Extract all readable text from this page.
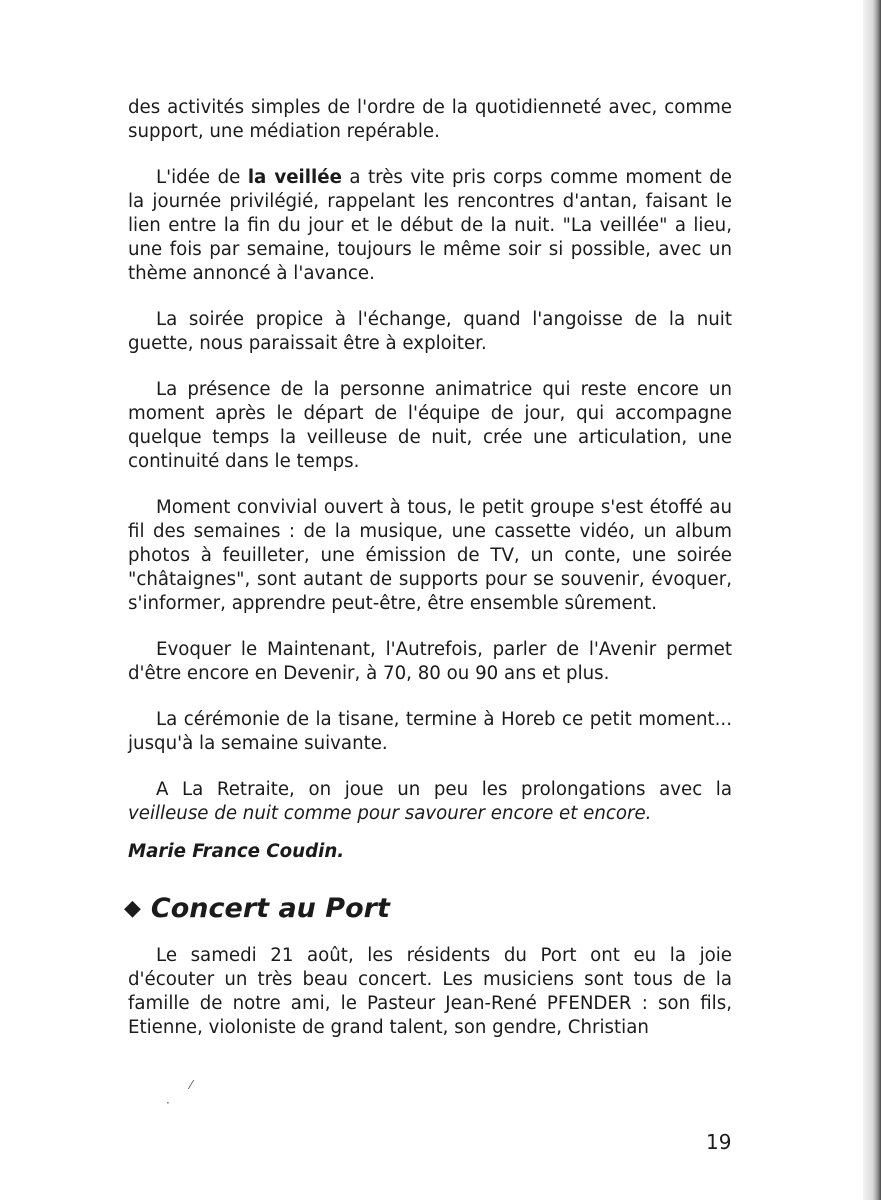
des activités simples de l'ordre de la quotidienneté avec, comme support, une médiation repérable.

L'idée de la veillée a très vite pris corps comme moment de la journée privilégié, rappelant les rencontres d'antan, faisant le lien entre la fin du jour et le début de la nuit. "La veillée" a lieu, une fois par semaine, toujours le même soir si possible, avec un thème annoncé à l'avance.

La soirée propice à l'échange, quand l'angoisse de la nuit guette, nous paraissait être à exploiter.

La présence de la personne animatrice qui reste encore un moment après le départ de l'équipe de jour, qui accompagne quelque temps la veilleuse de nuit, crée une articulation, une continuité dans le temps.

Moment convivial ouvert à tous, le petit groupe s'est étoffé au fil des semaines : de la musique, une cassette vidéo, un album photos à feuilleter, une émission de TV, un conte, une soirée "châtaignes", sont autant de supports pour se souvenir, évoquer, s'informer, apprendre peut-être, être ensemble sûrement.

Evoquer le Maintenant, l'Autrefois, parler de l'Avenir permet d'être encore en Devenir, à 70, 80 ou 90 ans et plus.

La cérémonie de la tisane, termine à Horeb ce petit moment... jusqu'à la semaine suivante.

A La Retraite, on joue un peu les prolongations avec la veilleuse de nuit comme pour savourer encore et encore.

Marie France Coudin.

◆ Concert au Port

Le samedi 21 août, les résidents du Port ont eu la joie d'écouter un très beau concert. Les musiciens sont tous de la famille de notre ami, le Pasteur Jean-René PFENDER : son fils, Etienne, violoniste de grand talent, son gendre, Christian

19
⁄
·
